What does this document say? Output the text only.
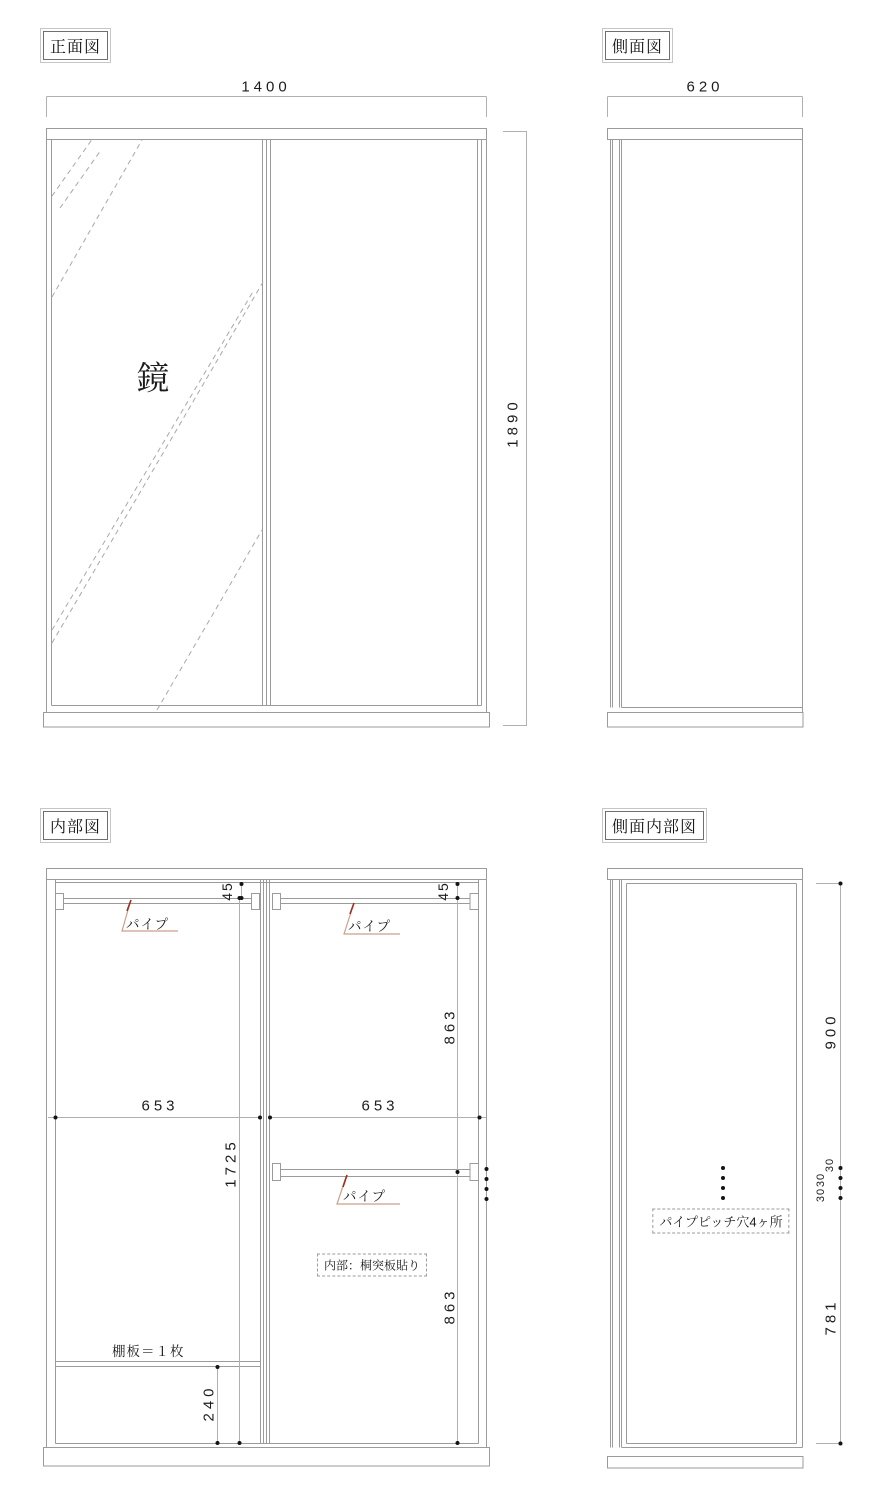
正面図
1400
鏡
1890
側面図
620
内部図
45	45
パイプ	パイプ
パイプ
653	653
1725
863
863
内部：桐突板貼り
棚板＝１枚
240
側面内部図
900
30
30
30
パイプピッチ穴4ヶ所
781
